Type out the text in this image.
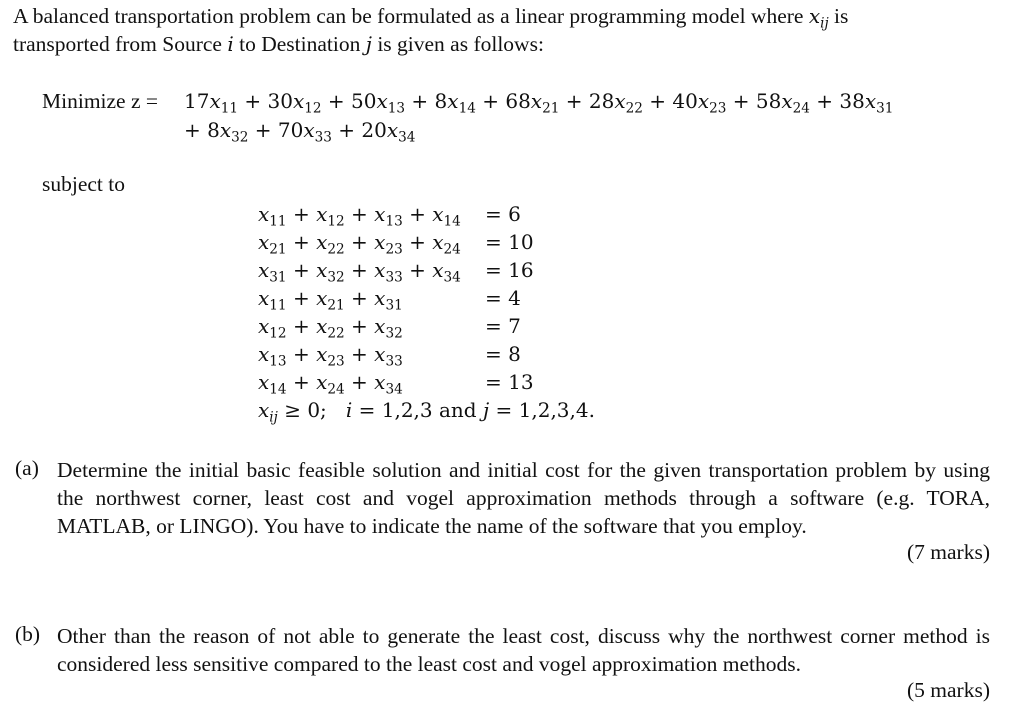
A balanced transportation problem can be formulated as a linear programming model where $x_{ij}$ is
transported from Source i to Destination j is given as follows:
Minimize $z = 17x_{11} + 30x_{12} + 50x_{13} + 8x_{14} + 68x_{21} + 28x_{22} + 40x_{23} + 58x_{24} + 38x_{31}$
+ $8x_{32} + 70x_{33} + 20x_{34}$
subject to
$x_{11} + x_{12} + x_{13} + x_{14} = 6$
$x_{21} + x_{22} + x_{23} + x_{24} = 10$
$x_{31} + x_{32} + x_{33} + x_{34} = 16$
$x_{11} + x_{21} + x_{31}$	= 4
$x_{12} + x_{22} + x_{32}$	= 7
$x_{13} + x_{23} + x_{33}$	= 8
$x_{14} + x_{24} + x_{34}$	= 13
$x_{ij} \ge 0$; i = 1,2,3 and j = 1,2,3,4.
(a) Determine the initial basic feasible solution and initial cost for the given transportation problem by using the northwest corner, least cost and vogel approximation methods through a software (e.g. TORA, MATLAB, or LINGO). You have to indicate the name of the software that you employ.
(7 marks)
(b) Other than the reason of not able to generate the least cost, discuss why the northwest corner method is considered less sensitive compared to the least cost and vogel approximation methods.
(5 marks)
